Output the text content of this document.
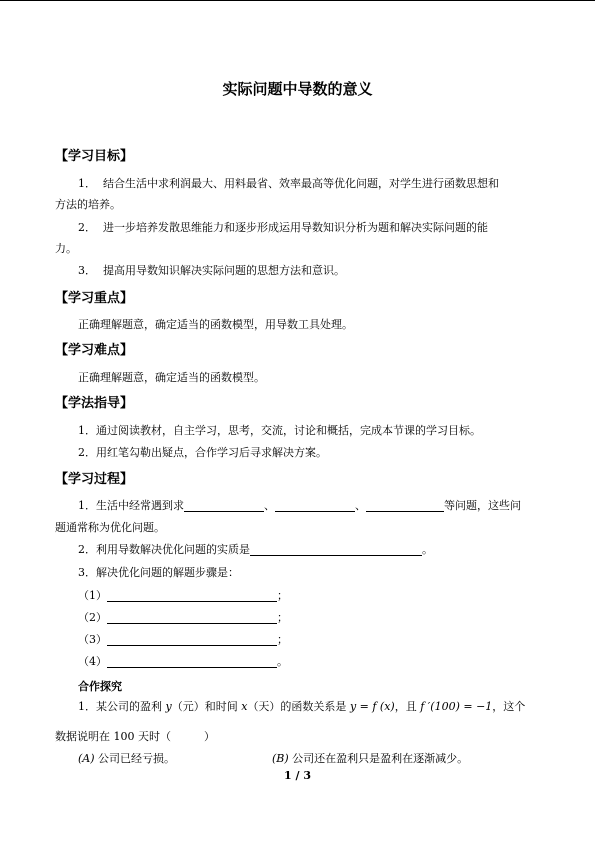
实际问题中导数的意义
【学习目标】
1． 结合生活中求利润最大、用料最省、效率最高等优化问题，对学生进行函数思想和
方法的培养。
2． 进一步培养发散思维能力和逐步形成运用导数知识分析为题和解决实际问题的能
力。
3． 提高用导数知识解决实际问题的思想方法和意识。
【学习重点】
正确理解题意，确定适当的函数模型，用导数工具处理。
【学习难点】
正确理解题意，确定适当的函数模型。
【学法指导】
1．通过阅读教材，自主学习，思考，交流，讨论和概括，完成本节课的学习目标。
2．用红笔勾勒出疑点，合作学习后寻求解决方案。
【学习过程】
1．生活中经常遇到求	、	、	等问题，这些问
题通常称为优化问题。
2．利用导数解决优化问题的实质是	。
3．解决优化问题的解题步骤是：
（1）	；
（2）	；
（3）	；
（4）	。
合作探究
1．某公司的盈利 y（元）和时间 x（天）的函数关系是 y = f (x)，且 f ′(100) = −1，这个
数据说明在 100 天时（　　　）
(A) 公司已经亏损。	(B) 公司还在盈利只是盈利在逐渐减少。
1 / 3
